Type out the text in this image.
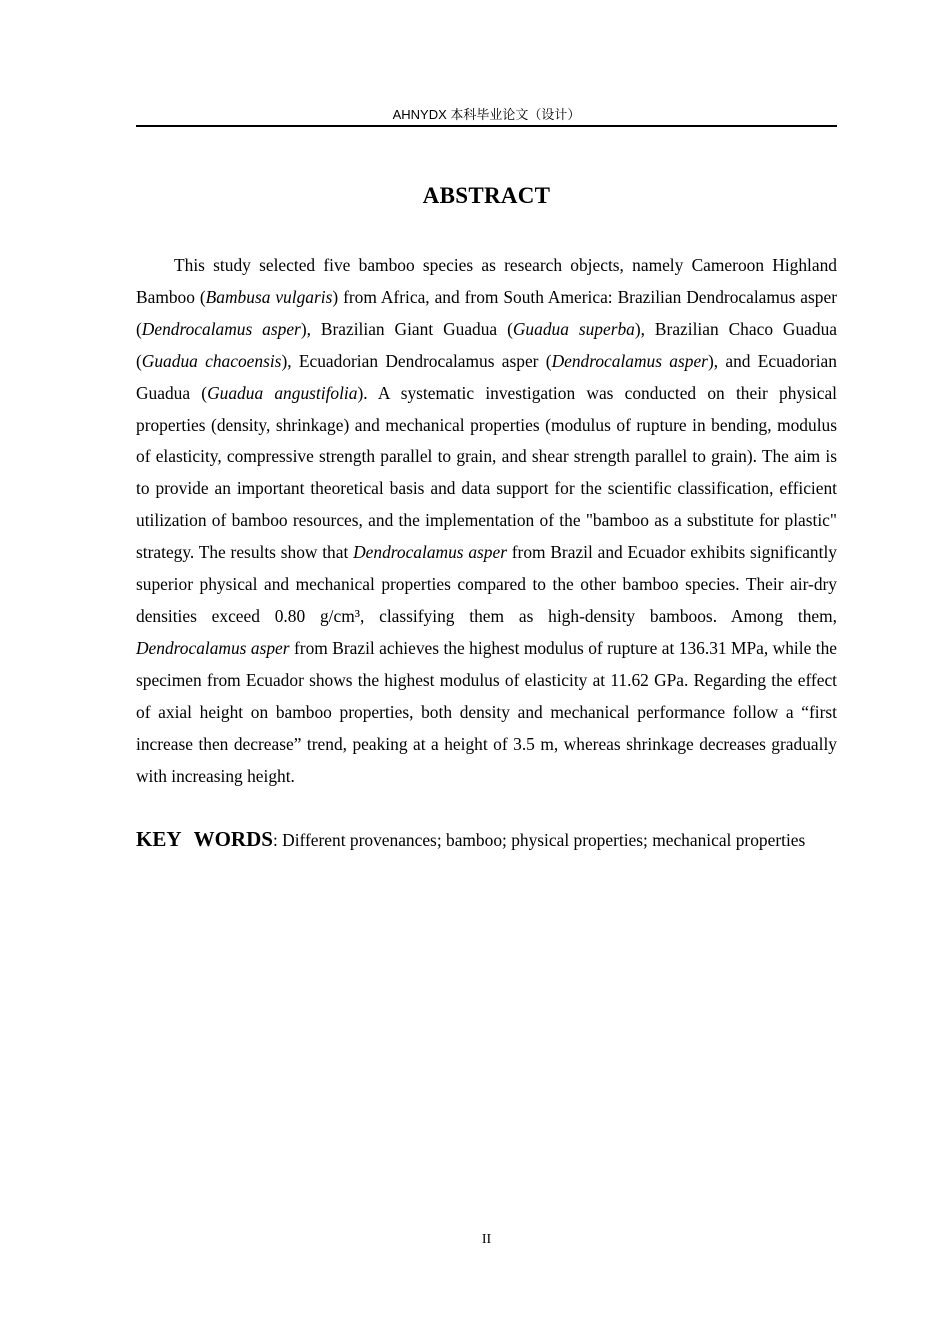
AHNYDX 本科毕业论文（设计）
ABSTRACT

This study selected five bamboo species as research objects, namely Cameroon Highland Bamboo (Bambusa vulgaris) from Africa, and from South America: Brazilian Dendrocalamus asper (Dendrocalamus asper), Brazilian Giant Guadua (Guadua superba), Brazilian Chaco Guadua (Guadua chacoensis), Ecuadorian Dendrocalamus asper (Dendrocalamus asper), and Ecuadorian Guadua (Guadua angustifolia). A systematic investigation was conducted on their physical properties (density, shrinkage) and mechanical properties (modulus of rupture in bending, modulus of elasticity, compressive strength parallel to grain, and shear strength parallel to grain). The aim is to provide an important theoretical basis and data support for the scientific classification, efficient utilization of bamboo resources, and the implementation of the "bamboo as a substitute for plastic" strategy. The results show that Dendrocalamus asper from Brazil and Ecuador exhibits significantly superior physical and mechanical properties compared to the other bamboo species. Their air-dry densities exceed 0.80 g/cm³, classifying them as high-density bamboos. Among them, Dendrocalamus asper from Brazil achieves the highest modulus of rupture at 136.31 MPa, while the specimen from Ecuador shows the highest modulus of elasticity at 11.62 GPa. Regarding the effect of axial height on bamboo properties, both density and mechanical performance follow a “first increase then decrease” trend, peaking at a height of 3.5 m, whereas shrinkage decreases gradually with increasing height.

KEY WORDS: Different provenances; bamboo; physical properties; mechanical properties

II
